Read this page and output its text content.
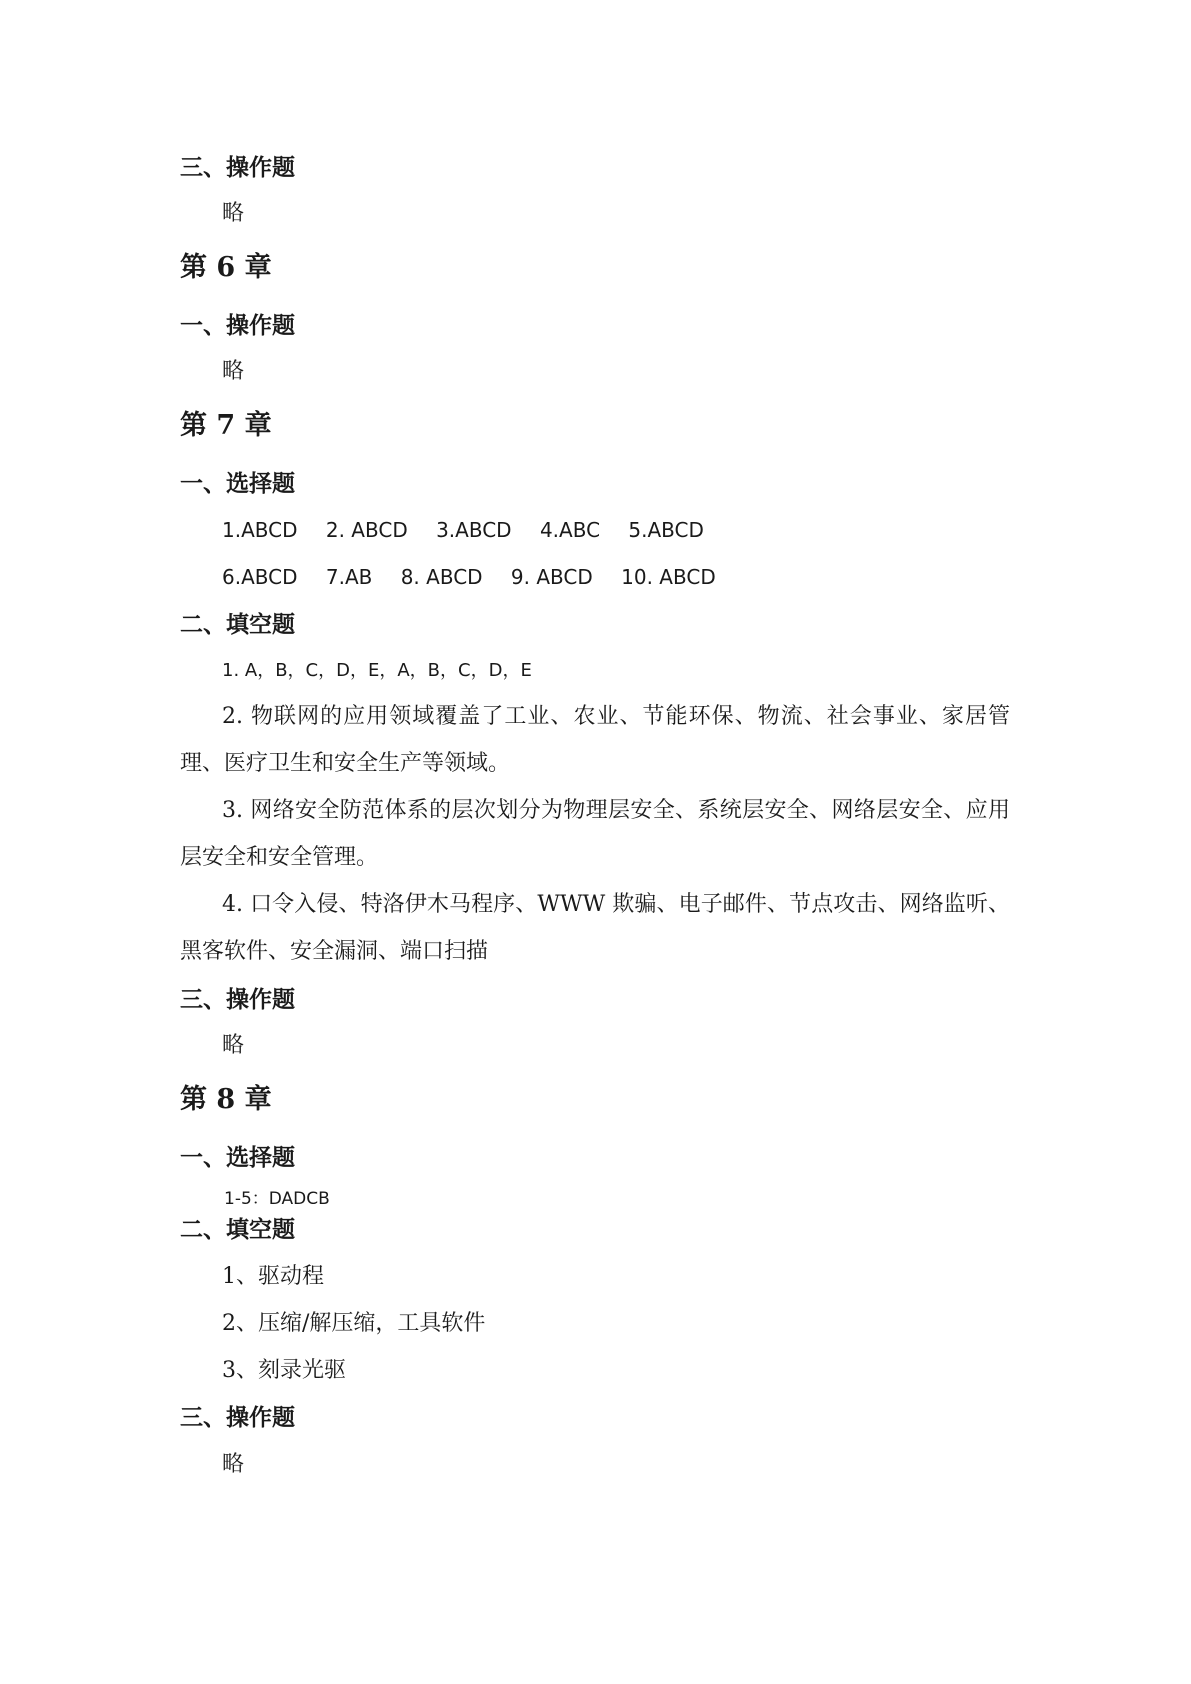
三、操作题
略
第 6 章
一、操作题
略
第 7 章
一、选择题
1.ABCD 2. ABCD 3.ABCD 4.ABC 5.ABCD
6.ABCD 7.AB 8. ABCD 9. ABCD 10. ABCD
二、填空题
1. A，B，C，D，E，A，B，C，D，E
2. 物联网的应用领域覆盖了工业、农业、节能环保、物流、社会事业、家居管理、医疗卫生和安全生产等领域。
3. 网络安全防范体系的层次划分为物理层安全、系统层安全、网络层安全、应用层安全和安全管理。
4. 口令入侵、特洛伊木马程序、WWW 欺骗、电子邮件、节点攻击、网络监听、黑客软件、安全漏洞、端口扫描
三、操作题
略
第 8 章
一、选择题
1-5：DADCB
二、填空题
1、驱动程
2、压缩/解压缩，工具软件
3、刻录光驱
三、操作题
略
